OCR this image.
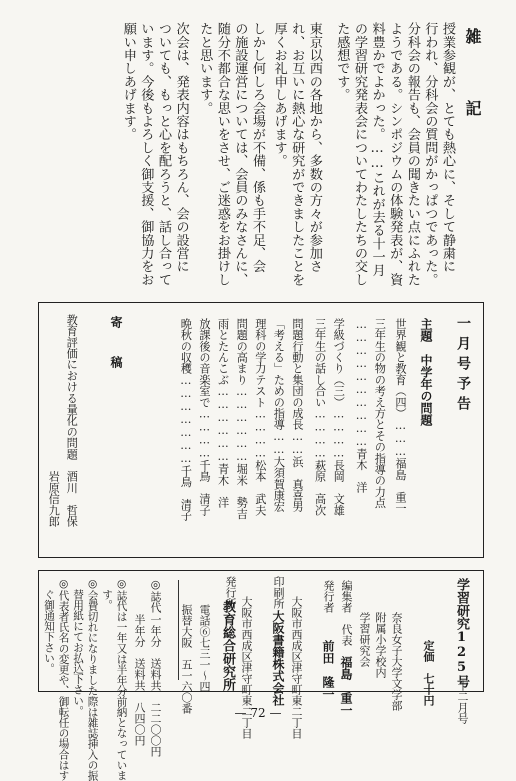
雑　記
授業参観が、とても熱心に、そして静粛に
行われ、分科会の質問がかっぱつであった。
分科会の報告も、会員の聞きたい点にふれた
ようである。シンポジウムの体験発表が、資
料豊かでよかった。……これが去る十一月
の学習研究発表会についてわたしたちの交し
た感想です。
東京以西の各地から、多数の方々が参加さ
れ、お互いに熱心な研究ができましたことを
厚くお礼申しあげます。
しかし何しろ会場が不備、係も手不足、会
の施設運営については、会員のみなさんに、
随分不都合な思いをさせ、ご迷惑をお掛けし
たと思います。
次会は、発表内容はもちろん、会の設営に
ついても、もっと心を配ろうと、話し合って
います。今後もよろしく御支援、御協力をお
願い申しあげます。
一月号予告
主題　中学年の問題
世界観と教育（四）………福島　重一
三年生の物の考え方とその指導の力点
…………………………青木　洋
学級づくり（三）…………長岡　文雄
三年生の話し合い…………萩原　高次
問題行動と集団の成長……浜　真喜男
「考える」ための指導……大須賀康宏
理科の学力テスト…………松本　武夫
問題の高まり………………堀米　勢吉
雨とたんこぶ………………青木　洋
放課後の音楽室で…………千鳥　清子
晩秋の収穫…………………千鳥　清子
寄　稿
教育評価における量化の問題　酒川　哲保
　　　　　　　　　　　　　　岩原信九郎
学習研究125号
十二月号
定価　七十円
奈良女子大学文学部
附属小学校内
学習研究会
編集者　代表
福島　重一
発行者
前田　隆一
大阪市西成区津守町東二丁目
印刷所
大阪書籍株式会社
大阪市西成区津守町東二丁目
発行所
教育総合研究所
電話⑥七三一〜四
振替大阪　五一六〇番
◎誌代
一年分　送料共　二二〇〇円
半年分　送料共　八四〇円
◎誌代は一年又は半年分前納となっていま
す。
◎会費切れになりました際は雑誌挿入の振
替用紙にてお払込下さい。
◎代表者氏名の変更や、御転任の場合はす
ぐ御通知下さい。
— 72 —
